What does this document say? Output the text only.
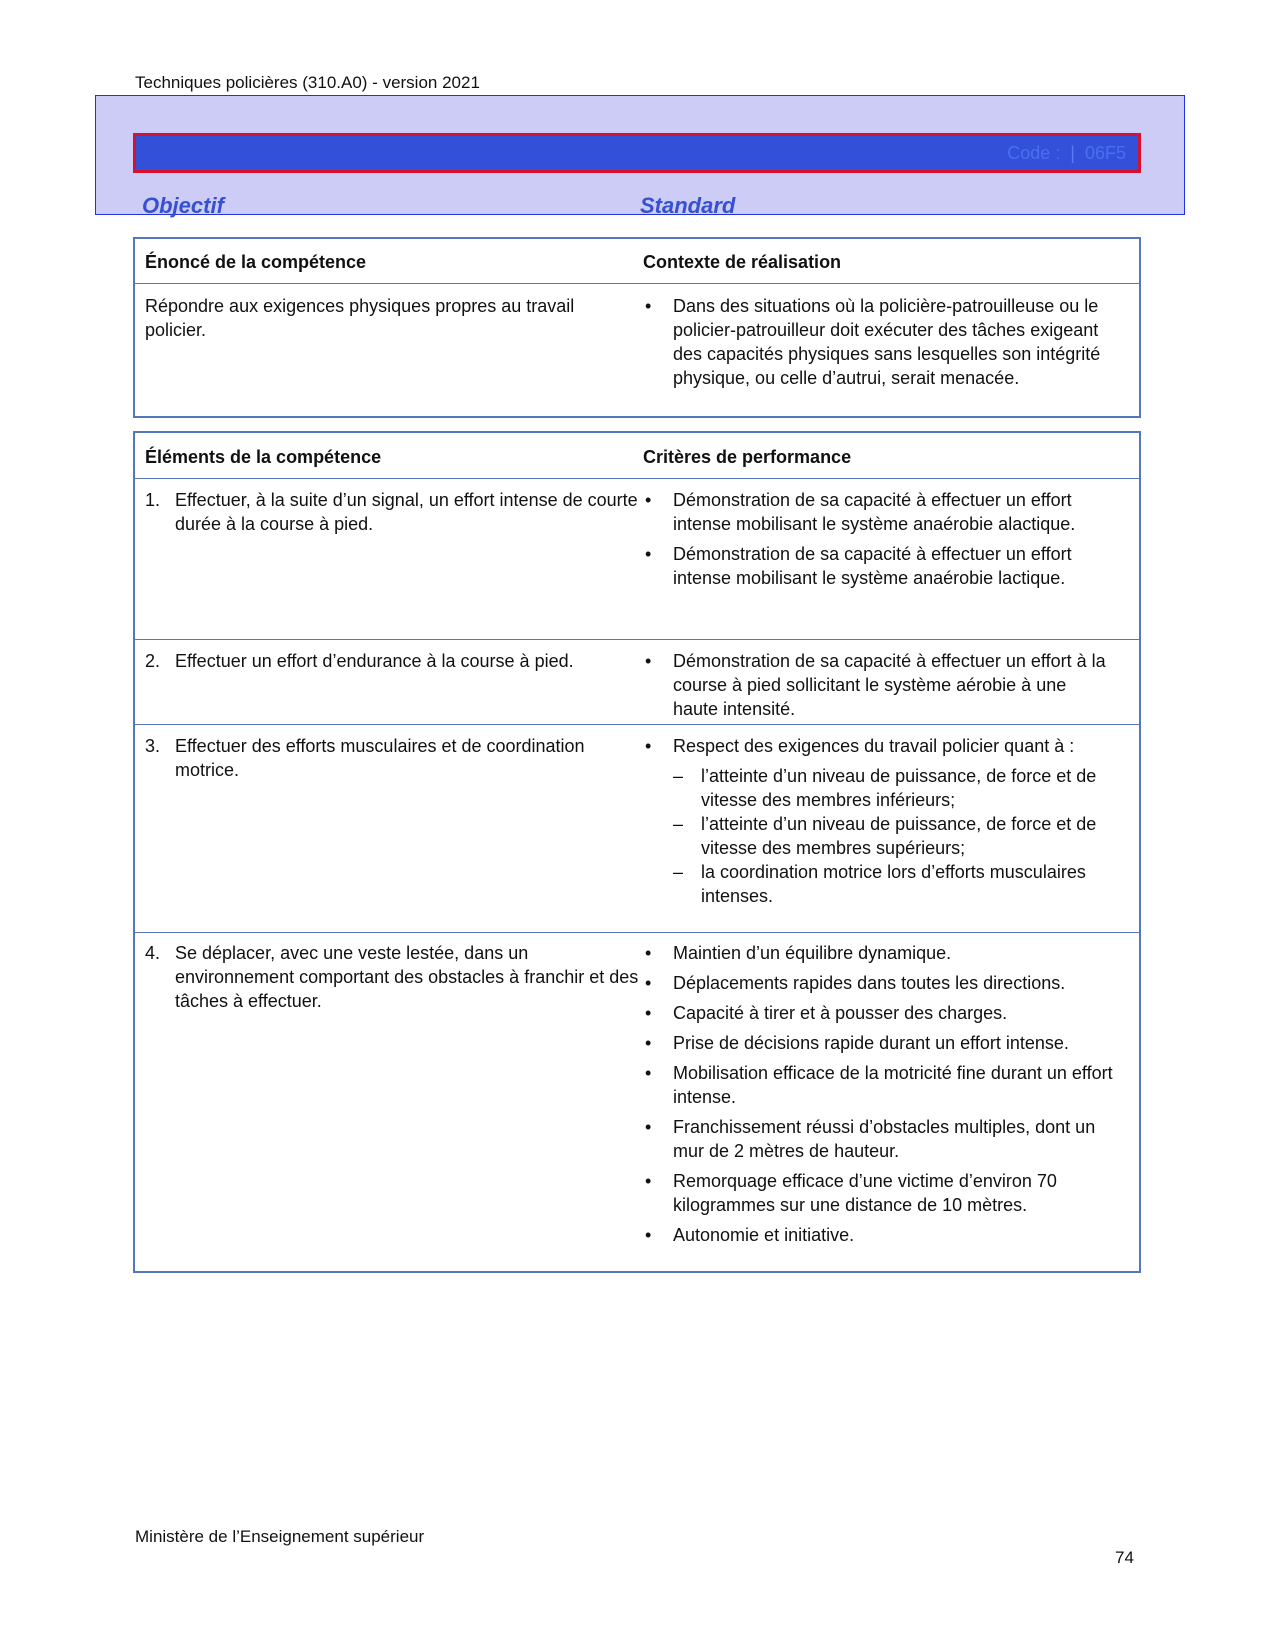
Techniques policières (310.A0) - version 2021
Code : | 06F5
Objectif	Standard
Énoncé de la compétence	Contexte de réalisation
Répondre aux exigences physiques propres au travail policier.
• Dans des situations où la policière-patrouilleuse ou le policier-patrouilleur doit exécuter des tâches exigeant des capacités physiques sans lesquelles son intégrité physique, ou celle d’autrui, serait menacée.
Éléments de la compétence	Critères de performance
1. Effectuer, à la suite d’un signal, un effort intense de courte durée à la course à pied.
• Démonstration de sa capacité à effectuer un effort intense mobilisant le système anaérobie alactique.
• Démonstration de sa capacité à effectuer un effort intense mobilisant le système anaérobie lactique.
2. Effectuer un effort d’endurance à la course à pied.
•	Démonstration de sa capacité à effectuer un effort à la course à pied sollicitant le système aérobie à une haute intensité.
3. Effectuer des efforts musculaires et de coordination motrice.
• Respect des exigences du travail policier quant à :
– l’atteinte d’un niveau de puissance, de force et de vitesse des membres inférieurs;
– l’atteinte d’un niveau de puissance, de force et de vitesse des membres supérieurs;
– la coordination motrice lors d’efforts musculaires intenses.
4. Se déplacer, avec une veste lestée, dans un environnement comportant des obstacles à franchir et des tâches à effectuer.
• Maintien d’un équilibre dynamique.
• Déplacements rapides dans toutes les directions.
• Capacité à tirer et à pousser des charges.
• Prise de décisions rapide durant un effort intense.
• Mobilisation efficace de la motricité fine durant un effort intense.
• Franchissement réussi d’obstacles multiples, dont un mur de 2 mètres de hauteur.
• Remorquage efficace d’une victime d’environ 70 kilogrammes sur une distance de 10 mètres.
• Autonomie et initiative.
Ministère de l’Enseignement supérieur
74
